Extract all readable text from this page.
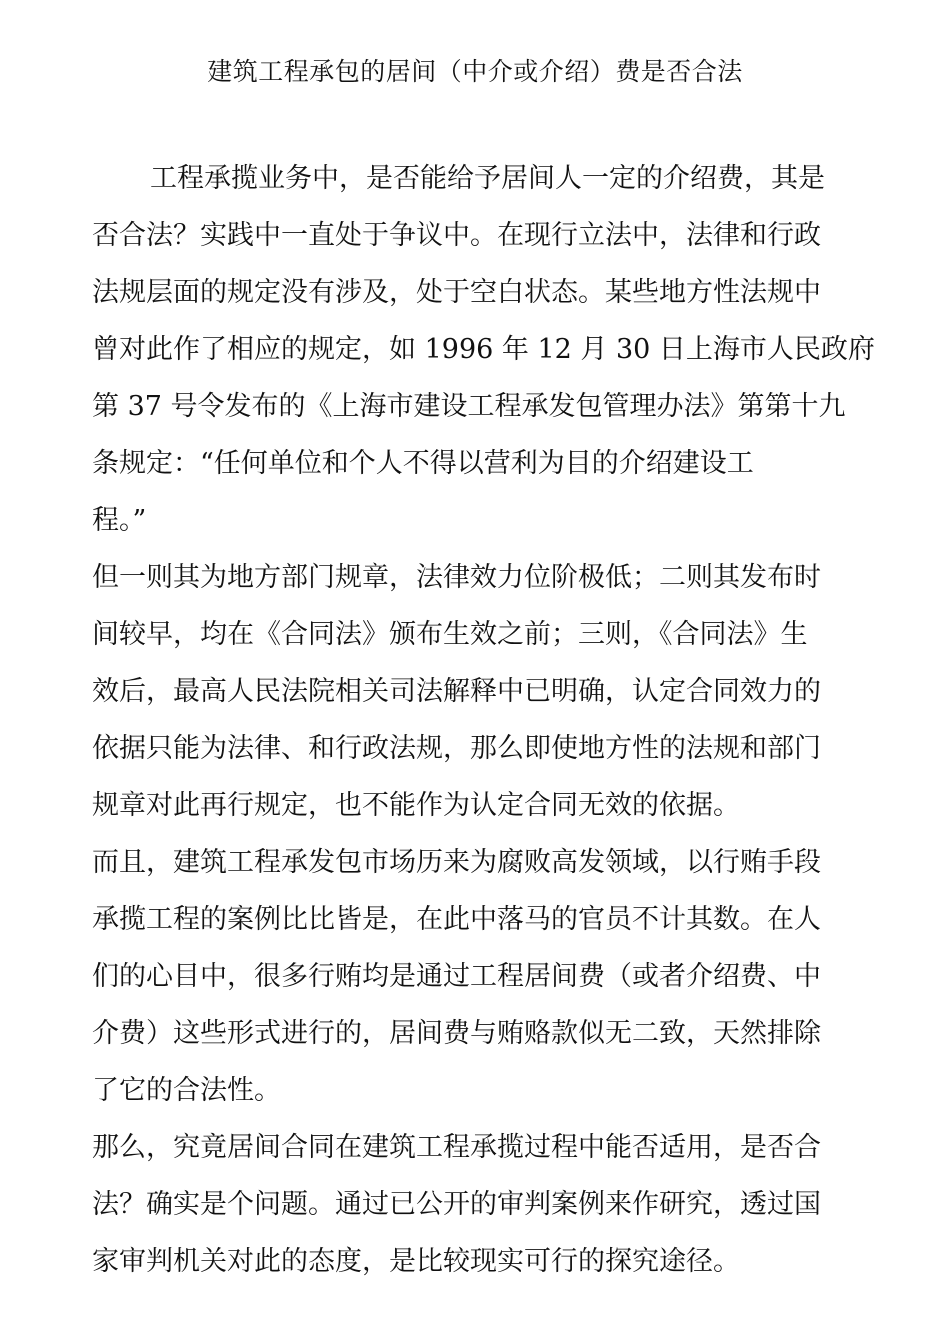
建筑工程承包的居间（中介或介绍）费是否合法
工程承揽业务中，是否能给予居间人一定的介绍费，其是
否合法？实践中一直处于争议中。在现行立法中，法律和行政
法规层面的规定没有涉及，处于空白状态。某些地方性法规中
曾对此作了相应的规定，如 1996 年 12 月 30 日上海市人民政府
第 37 号令发布的《上海市建设工程承发包管理办法》第第十九
条规定：“任何单位和个人不得以营利为目的介绍建设工
程。”
但一则其为地方部门规章，法律效力位阶极低；二则其发布时
间较早，均在《合同法》颁布生效之前；三则，《合同法》生
效后，最高人民法院相关司法解释中已明确，认定合同效力的
依据只能为法律、和行政法规，那么即使地方性的法规和部门
规章对此再行规定，也不能作为认定合同无效的依据。
而且，建筑工程承发包市场历来为腐败高发领域，以行贿手段
承揽工程的案例比比皆是，在此中落马的官员不计其数。在人
们的心目中，很多行贿均是通过工程居间费（或者介绍费、中
介费）这些形式进行的，居间费与贿赂款似无二致，天然排除
了它的合法性。
那么，究竟居间合同在建筑工程承揽过程中能否适用，是否合
法？确实是个问题。通过已公开的审判案例来作研究，透过国
家审判机关对此的态度，是比较现实可行的探究途径。
